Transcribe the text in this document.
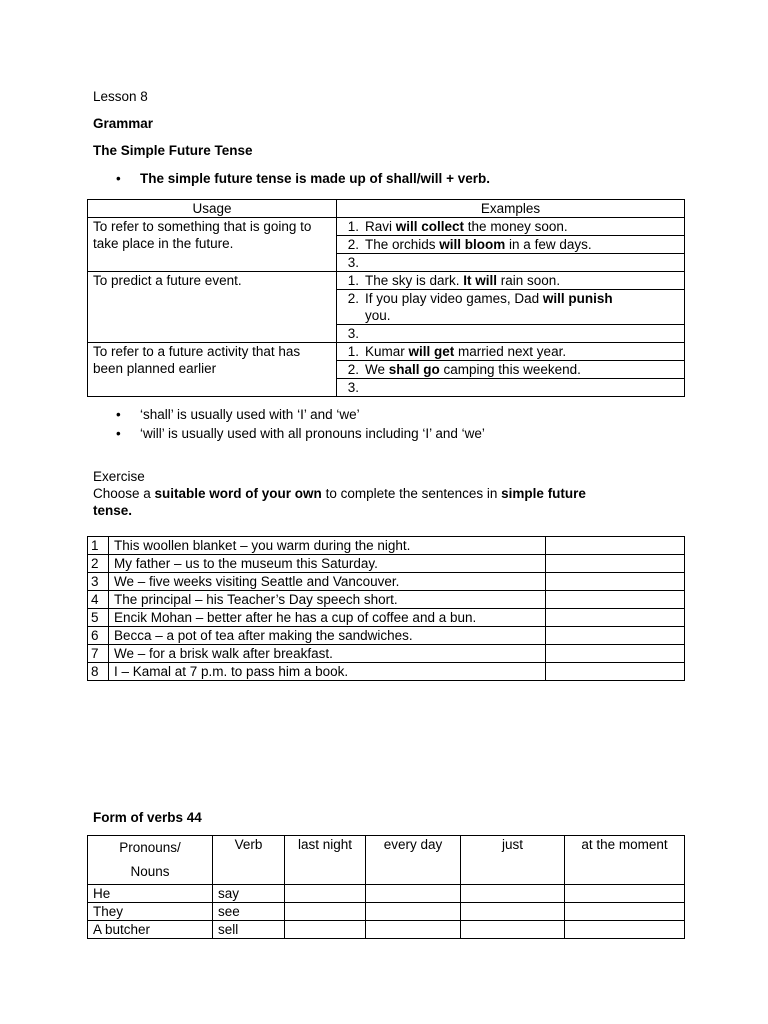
Lesson 8
Grammar
The Simple Future Tense
• The simple future tense is made up of shall/will + verb.
Usage	Examples
To refer to something that is going to take place in the future.	1. Ravi will collect the money soon.
	2. The orchids will bloom in a few days.
	3.
To predict a future event.	1. The sky is dark. It will rain soon.
	2. If you play video games, Dad will punish
you.

	3.
To refer to a future activity that has been planned earlier	1. Kumar will get married next year.
	2. We shall go camping this weekend.
	3.
• ‘shall’ is usually used with ‘I’ and ‘we’
• ‘will’ is usually used with all pronouns including ‘I’ and ‘we’
Exercise
Choose a suitable word of your own to complete the sentences in simple future
tense.
1	This woollen blanket – you warm during the night.	
2	My father – us to the museum this Saturday.	
3	We – five weeks visiting Seattle and Vancouver.	
4	The principal – his Teacher’s Day speech short.	
5	Encik Mohan – better after he has a cup of coffee and a bun.	
6	Becca – a pot of tea after making the sandwiches.	
7	We – for a brisk walk after breakfast.	
8	I – Kamal at 7 p.m. to pass him a book.	
Form of verbs 44
Pronouns/
Nouns	Verb	last night	every day	just	at the moment
He	say				
They	see				
A butcher	sell				
